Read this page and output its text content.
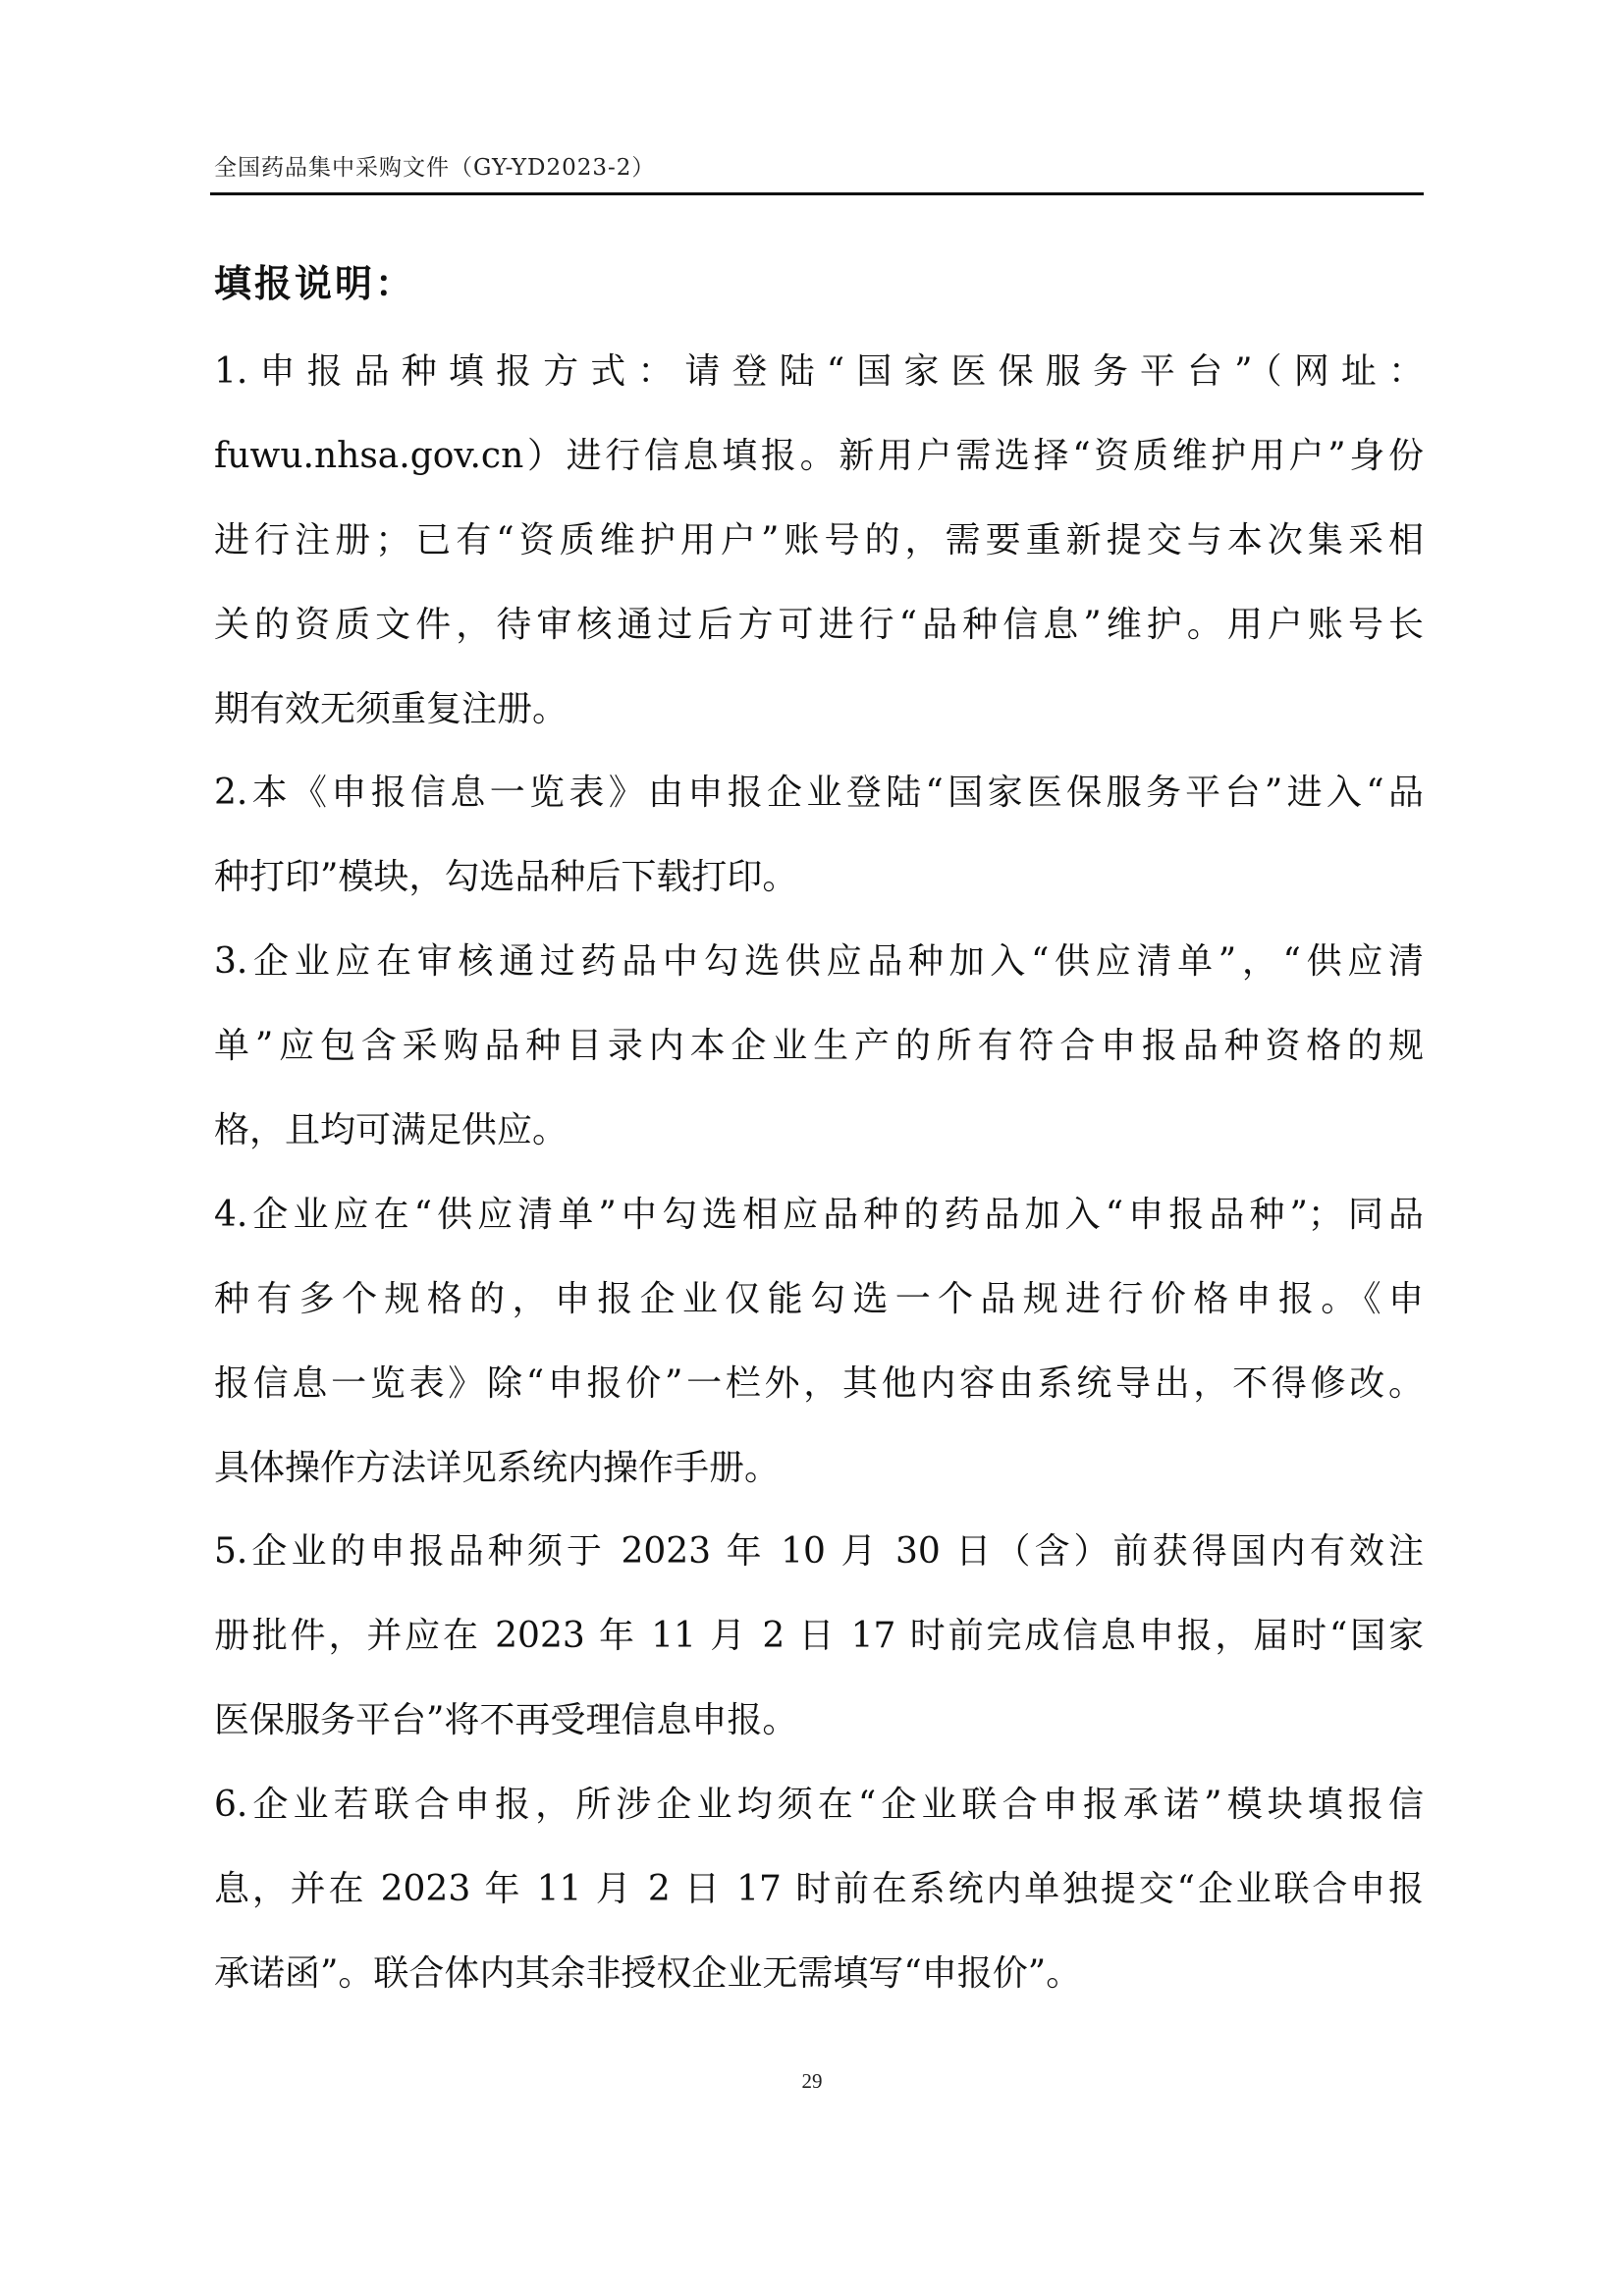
全国药品集中采购文件（GY-YD2023-2）
填报说明：
1.申报品种填报方式：请登陆“国家医保服务平台”（网址：
fuwu.nhsa.gov.cn）进行信息填报。新用户需选择“资质维护用户”身份
进行注册；已有“资质维护用户”账号的，需要重新提交与本次集采相
关的资质文件，待审核通过后方可进行“品种信息”维护。用户账号长
期有效无须重复注册。
2.本《申报信息一览表》由申报企业登陆“国家医保服务平台”进入“品
种打印”模块，勾选品种后下载打印。
3.企业应在审核通过药品中勾选供应品种加入“供应清单”，“供应清
单”应包含采购品种目录内本企业生产的所有符合申报品种资格的规
格，且均可满足供应。
4.企业应在“供应清单”中勾选相应品种的药品加入“申报品种”；同品
种有多个规格的，申报企业仅能勾选一个品规进行价格申报。《申
报信息一览表》除“申报价”一栏外，其他内容由系统导出，不得修改。
具体操作方法详见系统内操作手册。
5.企业的申报品种须于 2023 年 10 月 30 日（含）前获得国内有效注
册批件，并应在 2023 年 11 月 2 日 17 时前完成信息申报，届时“国家
医保服务平台”将不再受理信息申报。
6.企业若联合申报，所涉企业均须在“企业联合申报承诺”模块填报信
息，并在 2023 年 11 月 2 日 17 时前在系统内单独提交“企业联合申报
承诺函”。联合体内其余非授权企业无需填写“申报价”。
29
